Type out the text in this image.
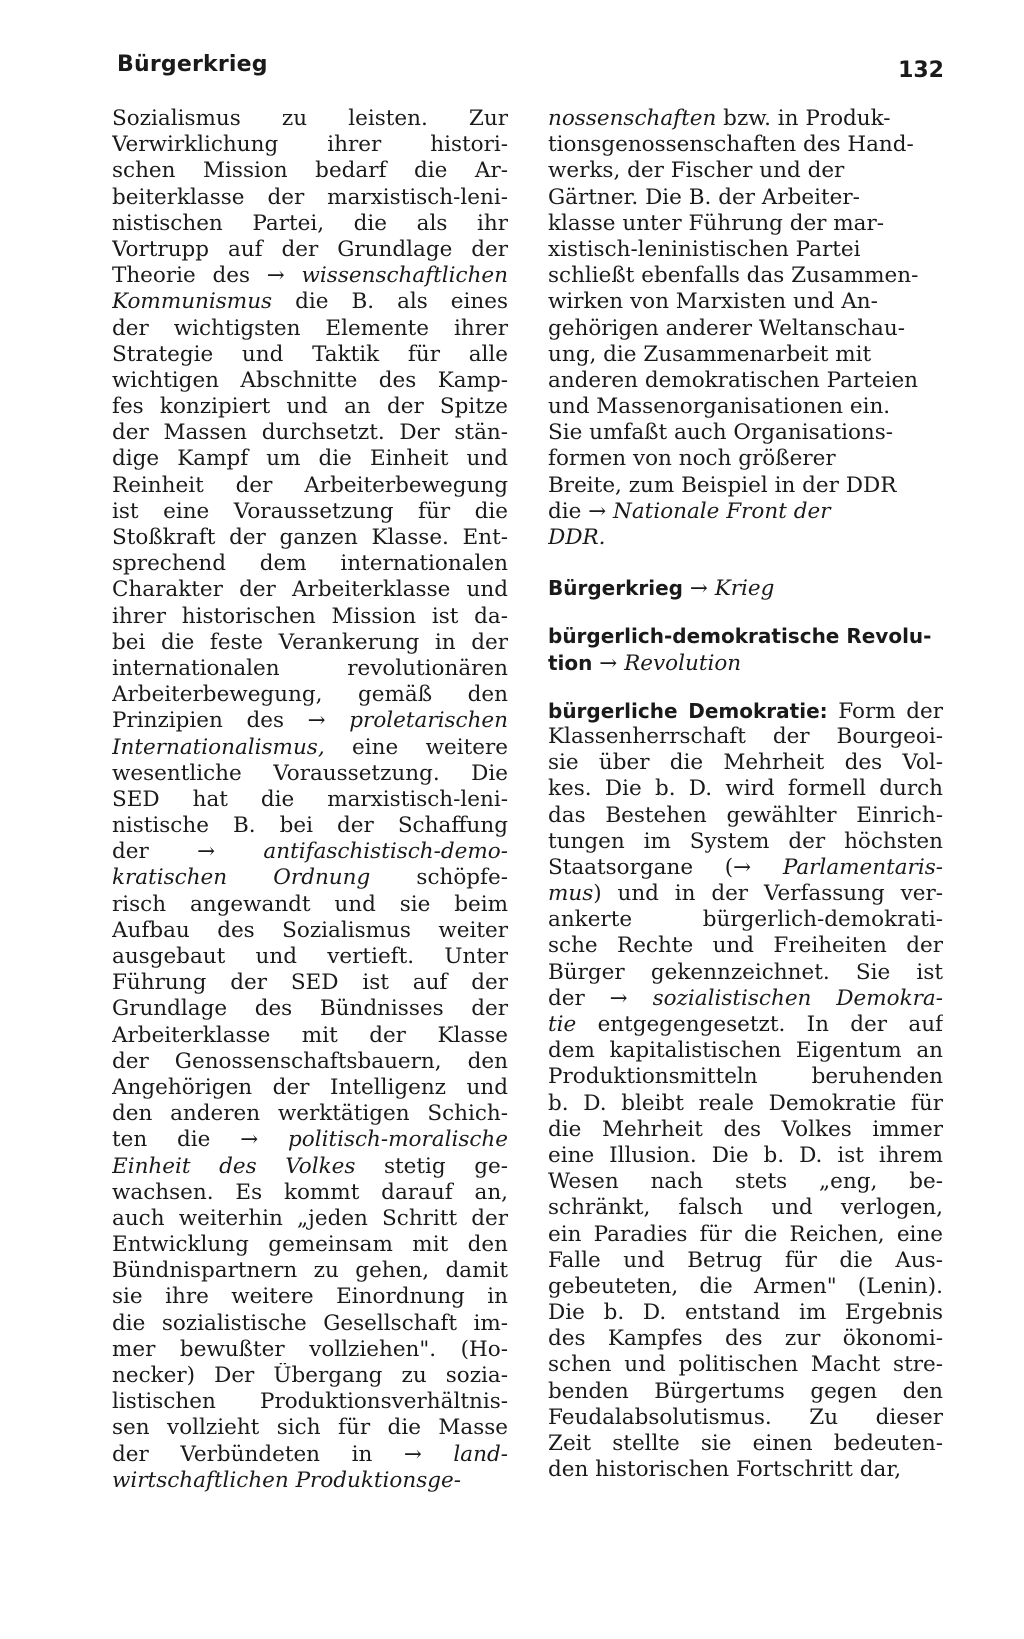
Bürgerkrieg	132
Sozialismus zu leisten. Zur
Verwirklichung ihrer histori-
schen Mission bedarf die Ar-
beiterklasse der marxistisch-leni-
nistischen Partei, die als ihr
Vortrupp auf der Grundlage der
Theorie des → wissenschaftlichen
Kommunismus die B. als eines
der wichtigsten Elemente ihrer
Strategie und Taktik für alle
wichtigen Abschnitte des Kamp-
fes konzipiert und an der Spitze
der Massen durchsetzt. Der stän-
dige Kampf um die Einheit und
Reinheit der Arbeiterbewegung
ist eine Voraussetzung für die
Stoßkraft der ganzen Klasse. Ent-
sprechend dem internationalen
Charakter der Arbeiterklasse und
ihrer historischen Mission ist da-
bei die feste Verankerung in der
internationalen revolutionären
Arbeiterbewegung, gemäß den
Prinzipien des → proletarischen
Internationalismus, eine weitere
wesentliche Voraussetzung. Die
SED hat die marxistisch-leni-
nistische B. bei der Schaffung
der → antifaschistisch-demo-
kratischen Ordnung schöpfe-
risch angewandt und sie beim
Aufbau des Sozialismus weiter
ausgebaut und vertieft. Unter
Führung der SED ist auf der
Grundlage des Bündnisses der
Arbeiterklasse mit der Klasse
der Genossenschaftsbauern, den
Angehörigen der Intelligenz und
den anderen werktätigen Schich-
ten die → politisch-moralische
Einheit des Volkes stetig ge-
wachsen. Es kommt darauf an,
auch weiterhin „jeden Schritt der
Entwicklung gemeinsam mit den
Bündnispartnern zu gehen, damit
sie ihre weitere Einordnung in
die sozialistische Gesellschaft im-
mer bewußter vollziehen". (Ho-
necker) Der Übergang zu sozia-
listischen Produktionsverhältnis-
sen vollzieht sich für die Masse
der Verbündeten in → land-
wirtschaftlichen Produktionsge-
nossenschaften bzw. in Produk-
tionsgenossenschaften des Hand-
werks, der Fischer und der
Gärtner. Die B. der Arbeiter-
klasse unter Führung der mar-
xistisch-leninistischen Partei
schließt ebenfalls das Zusammen-
wirken von Marxisten und An-
gehörigen anderer Weltanschau-
ung, die Zusammenarbeit mit
anderen demokratischen Parteien
und Massenorganisationen ein.
Sie umfaßt auch Organisations-
formen von noch größerer
Breite, zum Beispiel in der DDR
die → Nationale Front der
DDR.
Bürgerkrieg → Krieg
bürgerlich-demokratische Revolu-
tion → Revolution
bürgerliche Demokratie: Form der
Klassenherrschaft der Bourgeoi-
sie über die Mehrheit des Vol-
kes. Die b. D. wird formell durch
das Bestehen gewählter Einrich-
tungen im System der höchsten
Staatsorgane (→ Parlamentaris-
mus) und in der Verfassung ver-
ankerte bürgerlich-demokrati-
sche Rechte und Freiheiten der
Bürger gekennzeichnet. Sie ist
der → sozialistischen Demokra-
tie entgegengesetzt. In der auf
dem kapitalistischen Eigentum an
Produktionsmitteln beruhenden
b. D. bleibt reale Demokratie für
die Mehrheit des Volkes immer
eine Illusion. Die b. D. ist ihrem
Wesen nach stets „eng, be-
schränkt, falsch und verlogen,
ein Paradies für die Reichen, eine
Falle und Betrug für die Aus-
gebeuteten, die Armen" (Lenin).
Die b. D. entstand im Ergebnis
des Kampfes des zur ökonomi-
schen und politischen Macht stre-
benden Bürgertums gegen den
Feudalabsolutismus. Zu dieser
Zeit stellte sie einen bedeuten-
den historischen Fortschritt dar,
